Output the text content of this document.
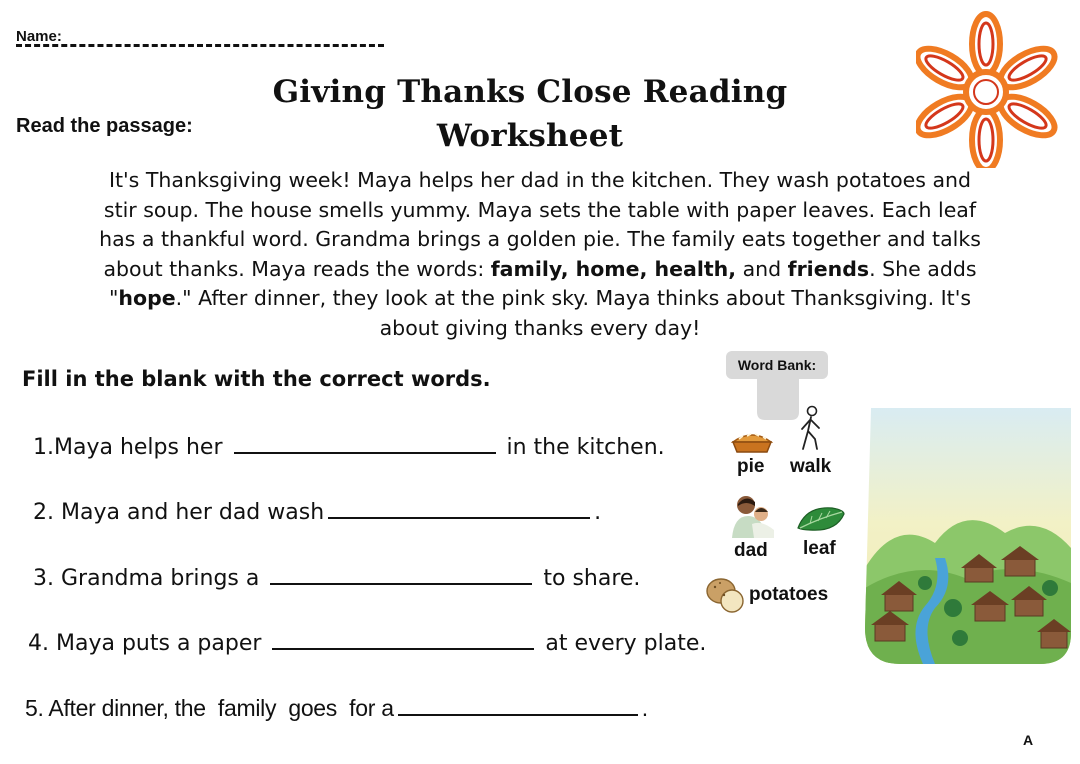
Name:
Giving Thanks Close Reading
Worksheet
Read the passage:
It's Thanksgiving week! Maya helps her dad in the kitchen. They wash potatoes and stir soup. The house smells yummy. Maya sets the table with paper leaves. Each leaf has a thankful word. Grandma brings a golden pie. The family eats together and talks about thanks. Maya reads the words: family, home, health, and friends. She adds "hope." After dinner, they look at the pink sky. Maya thinks about Thanksgiving. It's about giving thanks every day!
Fill in the blank with the correct words.
1.Maya helps her	in the kitchen.
2. Maya and her dad wash	.
3. Grandma brings a	to share.
4. Maya puts a paper	at every plate.
5. After dinner, the  family  goes  for a	.
Word Bank:
pie walk
dad leaf
potatoes
A
